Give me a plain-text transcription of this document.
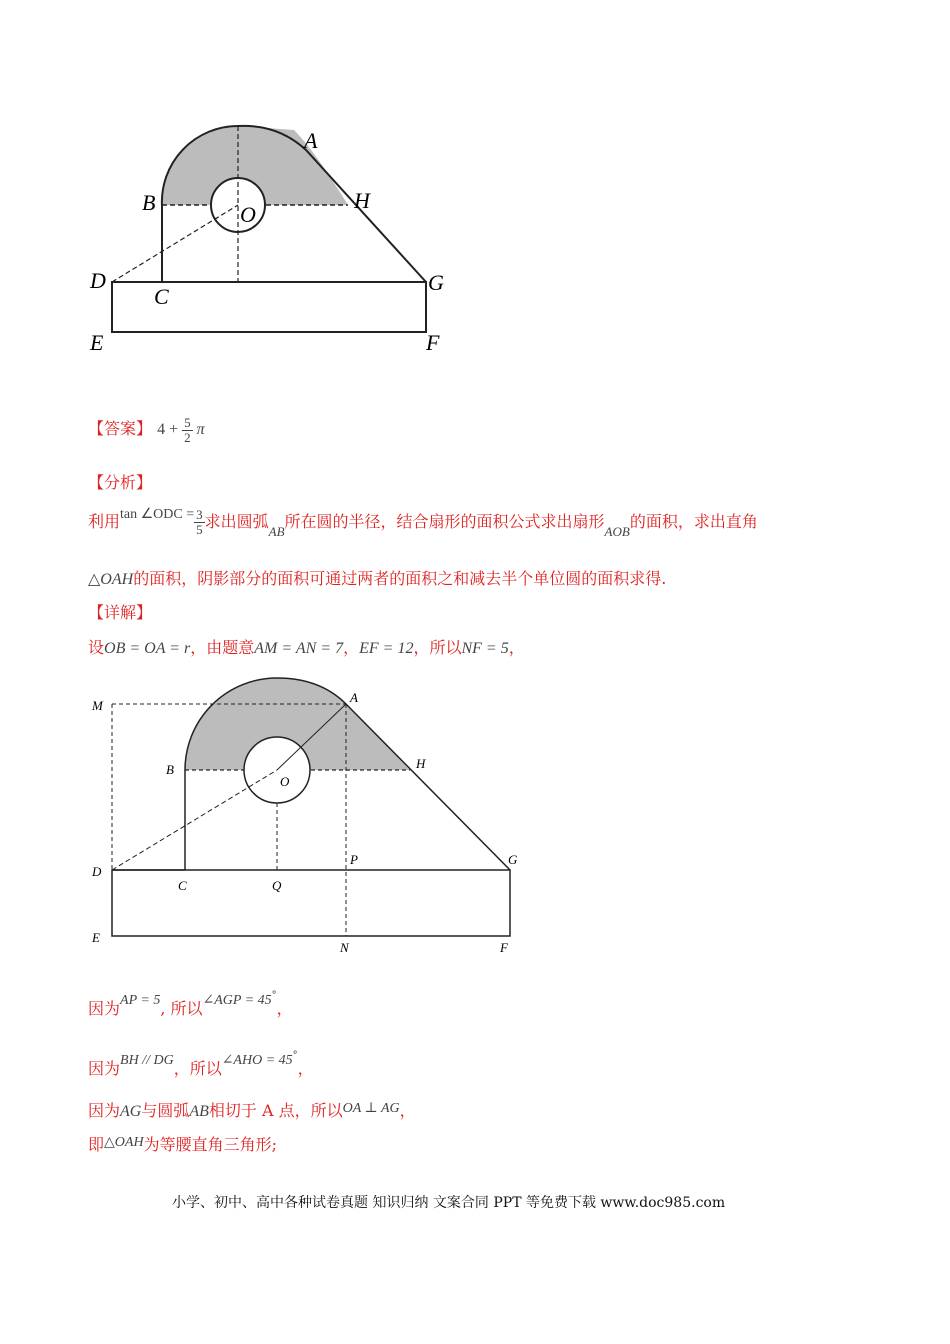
A
B	H
O
D
C
G
E	F
【答案】 $4 + \frac{5}{2}$ π
【分析】
利用tan ∠ODC = $\frac{3}{5}$ 求出圆弧$_{AB}$所在圆的半径，结合扇形的面积公式求出扇形$_{AOB}$的面积，求出直角
△OAH的面积，阴影部分的面积可通过两者的面积之和减去半个单位圆的面积求得.
【详解】
设OB = OA = r，由题意AM = AN = 7，EF = 12，所以NF = 5，
M
A
B	H
O
P	G
D
C	Q
E
N	F
因为AP = 5, 所以∠AGP = 45°，
因为BH // DG，所以∠AHO = 45°，
因为AG与圆弧AB相切于 A 点，所以OA ⊥ AG，
即△OAH为等腰直角三角形;
小学、初中、高中各种试卷真题 知识归纳 文案合同 PPT 等免费下载 www.doc985.com
